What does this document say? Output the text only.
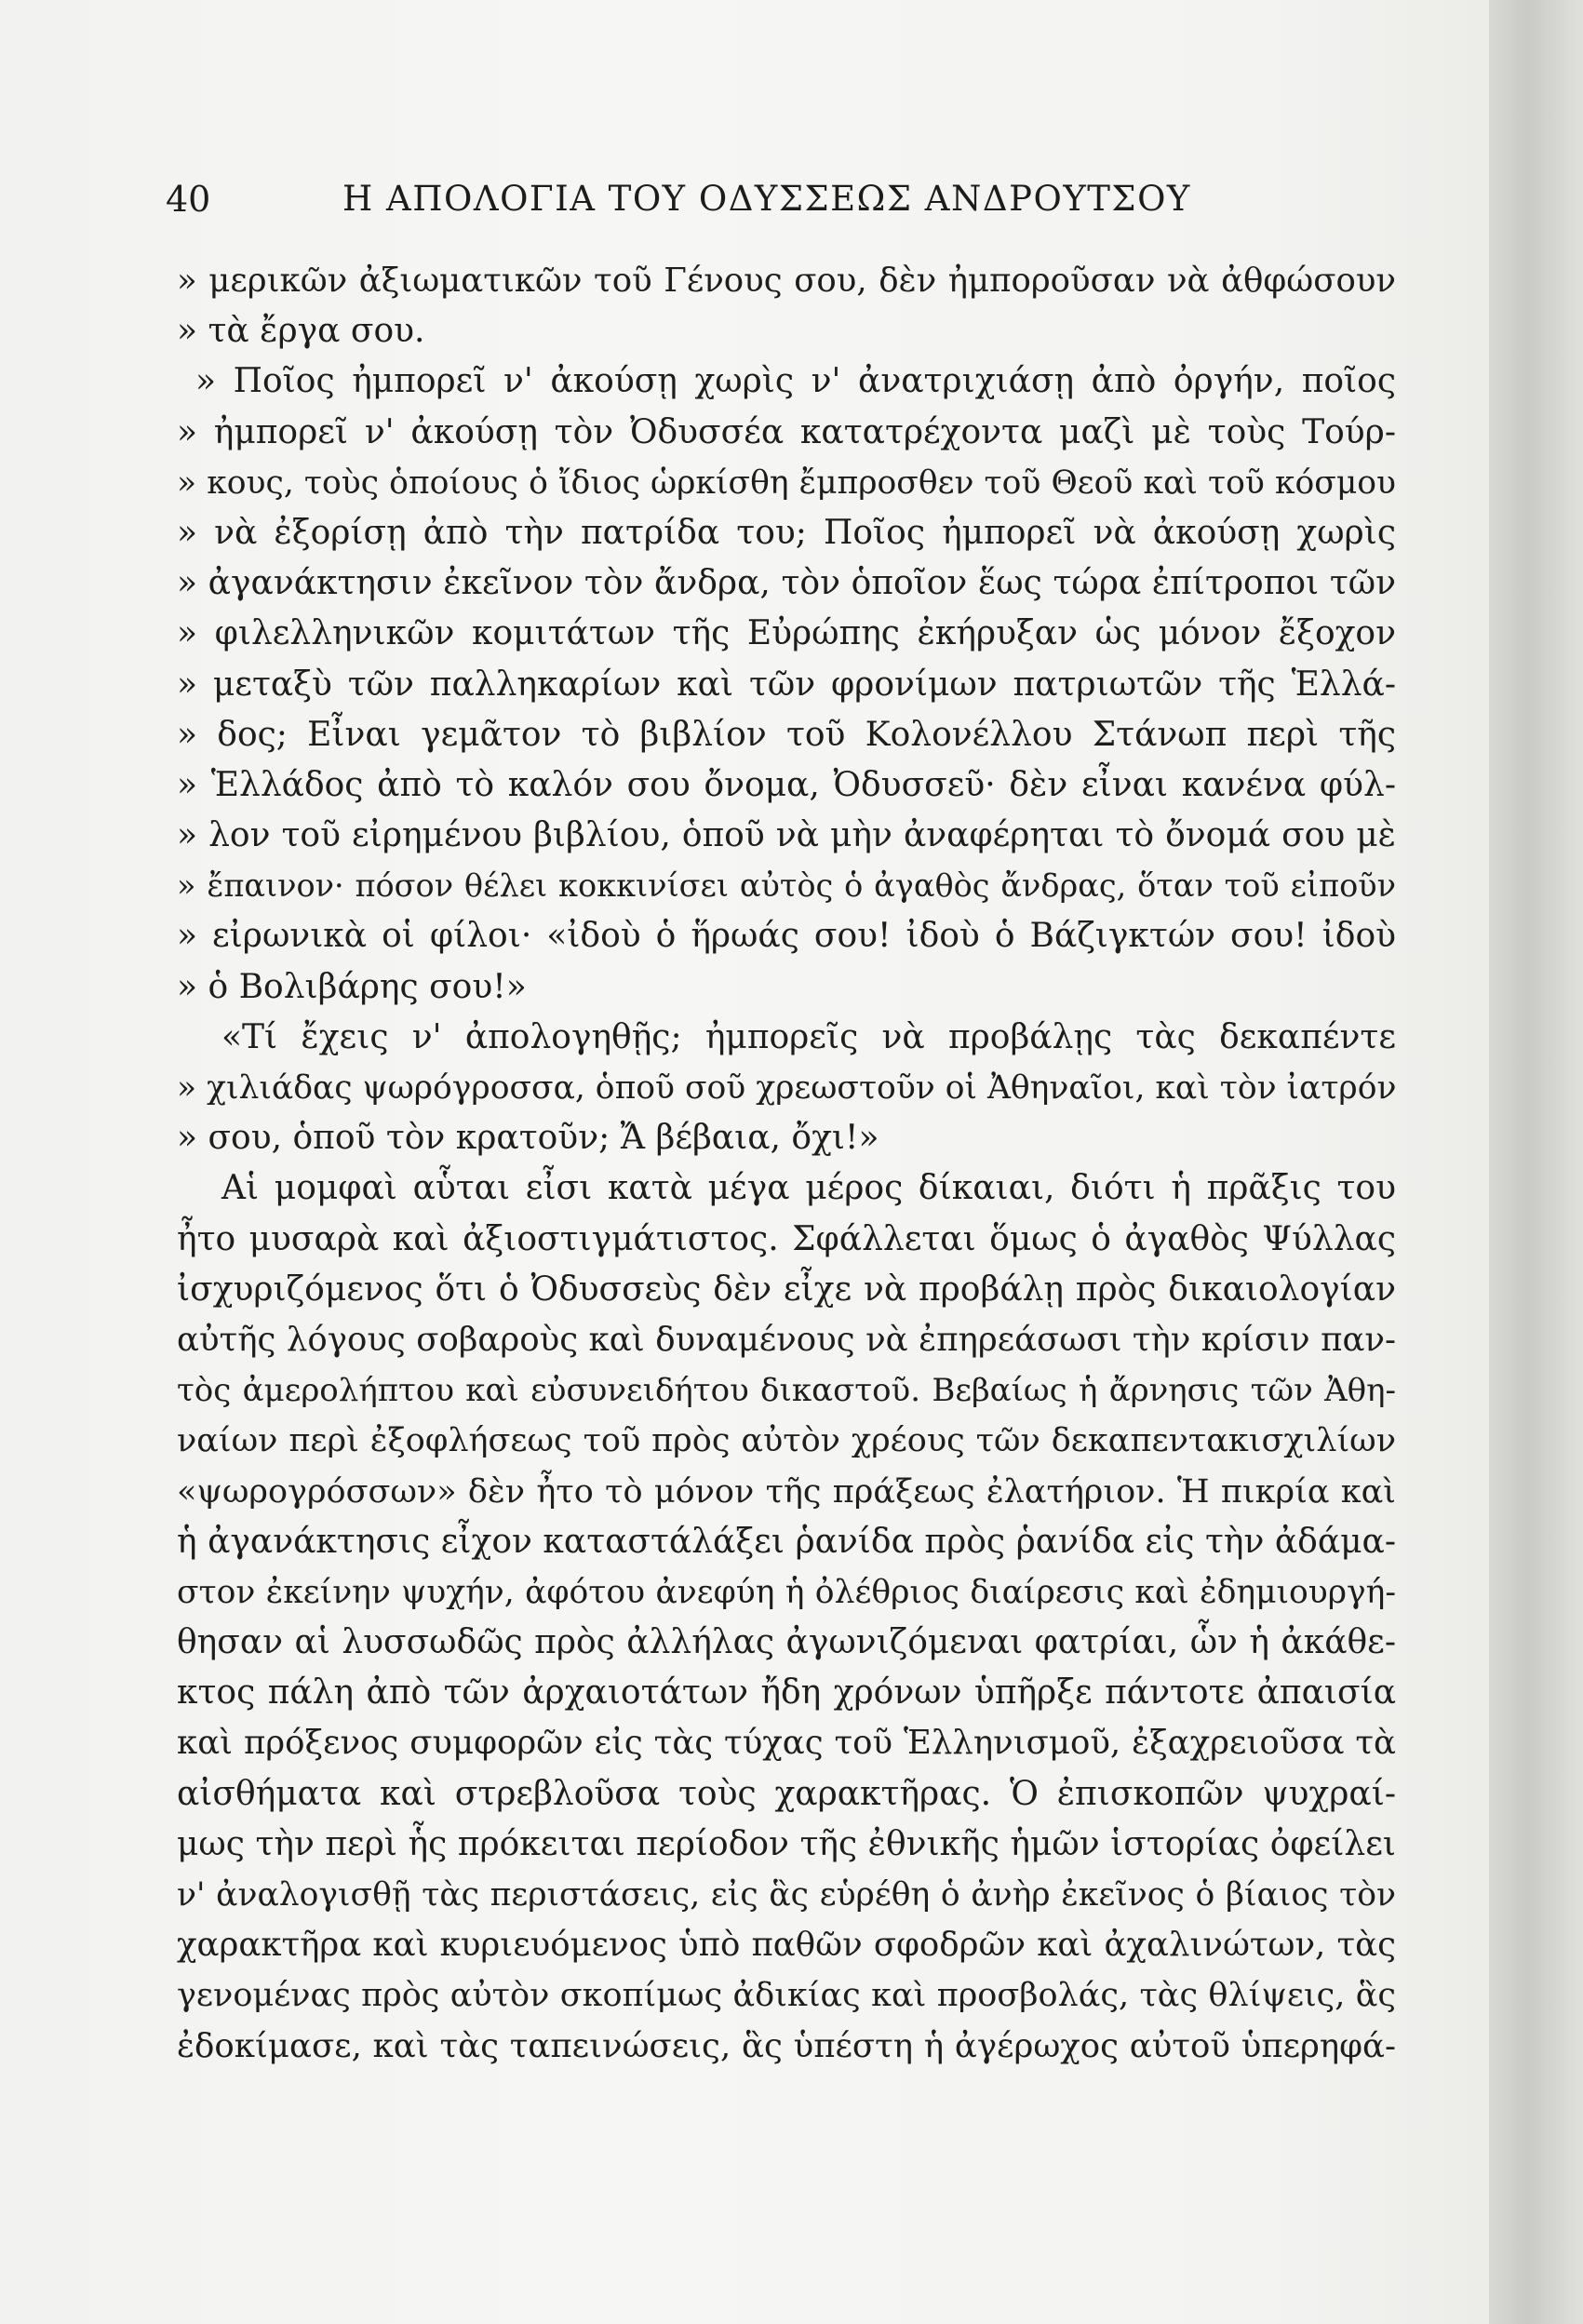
40	Η ΑΠΟΛΟΓΙΑ ΤΟΥ ΟΔΥΣΣΕΩΣ ΑΝΔΡΟΥΤΣΟΥ
» μερικῶν ἀξιωματικῶν τοῦ Γένους σου, δὲν ἠμποροῦσαν νὰ ἀθφώσουν
» τὰ ἔργα σου.
» Ποῖος ἠμπορεῖ ν' ἀκούσῃ χωρὶς ν' ἀνατριχιάσῃ ἀπὸ ὀργήν, ποῖος
» ἠμπορεῖ ν' ἀκούσῃ τὸν Ὀδυσσέα κατατρέχοντα μαζὶ μὲ τοὺς Τούρ-
» κους, τοὺς ὁποίους ὁ ἴδιος ὡρκίσθη ἔμπροσθεν τοῦ Θεοῦ καὶ τοῦ κόσμου
» νὰ ἐξορίσῃ ἀπὸ τὴν πατρίδα του; Ποῖος ἠμπορεῖ νὰ ἀκούσῃ χωρὶς
» ἀγανάκτησιν ἐκεῖνον τὸν ἄνδρα, τὸν ὁποῖον ἕως τώρα ἐπίτροποι τῶν
» φιλελληνικῶν κομιτάτων τῆς Εὐρώπης ἐκήρυξαν ὡς μόνον ἔξοχον
» μεταξὺ τῶν παλληκαρίων καὶ τῶν φρονίμων πατριωτῶν τῆς Ἑλλά-
» δος; Εἶναι γεμᾶτον τὸ βιβλίον τοῦ Κολονέλλου Στάνωπ περὶ τῆς
» Ἑλλάδος ἀπὸ τὸ καλόν σου ὄνομα, Ὀδυσσεῦ· δὲν εἶναι κανένα φύλ-
» λον τοῦ εἰρημένου βιβλίου, ὁποῦ νὰ μὴν ἀναφέρηται τὸ ὄνομά σου μὲ
» ἔπαινον· πόσον θέλει κοκκινίσει αὐτὸς ὁ ἀγαθὸς ἄνδρας, ὅταν τοῦ εἰποῦν
» εἰρωνικὰ οἱ φίλοι· «ἰδοὺ ὁ ἥρωάς σου! ἰδοὺ ὁ Βάζιγκτών σου! ἰδοὺ
» ὁ Βολιβάρης σου!»
«Τί ἔχεις ν' ἀπολογηθῇς; ἠμπορεῖς νὰ προβάλῃς τὰς δεκαπέντε
» χιλιάδας ψωρόγροσσα, ὁποῦ σοῦ χρεωστοῦν οἱ Ἀθηναῖοι, καὶ τὸν ἰατρόν
» σου, ὁποῦ τὸν κρατοῦν; Ἄ βέβαια, ὄχι!»
Αἱ μομφαὶ αὗται εἶσι κατὰ μέγα μέρος δίκαιαι, διότι ἡ πρᾶξις του
ἦτο μυσαρὰ καὶ ἀξιοστιγμάτιστος. Σφάλλεται ὅμως ὁ ἀγαθὸς Ψύλλας
ἰσχυριζόμενος ὅτι ὁ Ὀδυσσεὺς δὲν εἶχε νὰ προβάλῃ πρὸς δικαιολογίαν
αὐτῆς λόγους σοβαροὺς καὶ δυναμένους νὰ ἐπηρεάσωσι τὴν κρίσιν παν-
τὸς ἀμερολήπτου καὶ εὐσυνειδήτου δικαστοῦ. Βεβαίως ἡ ἄρνησις τῶν Ἀθη-
ναίων περὶ ἐξοφλήσεως τοῦ πρὸς αὐτὸν χρέους τῶν δεκαπεντακισχιλίων
«ψωρογρόσσων» δὲν ἦτο τὸ μόνον τῆς πράξεως ἐλατήριον. Ἡ πικρία καὶ
ἡ ἀγανάκτησις εἶχον καταστάλάξει ῥανίδα πρὸς ῥανίδα εἰς τὴν ἀδάμα-
στον ἐκείνην ψυχήν, ἀφότου ἀνεφύη ἡ ὀλέθριος διαίρεσις καὶ ἐδημιουργή-
θησαν αἱ λυσσωδῶς πρὸς ἀλλήλας ἀγωνιζόμεναι φατρίαι, ὧν ἡ ἀκάθε-
κτος πάλη ἀπὸ τῶν ἀρχαιοτάτων ἤδη χρόνων ὑπῆρξε πάντοτε ἀπαισία
καὶ πρόξενος συμφορῶν εἰς τὰς τύχας τοῦ Ἑλληνισμοῦ, ἐξαχρειοῦσα τὰ
αἰσθήματα καὶ στρεβλοῦσα τοὺς χαρακτῆρας. Ὁ ἐπισκοπῶν ψυχραί-
μως τὴν περὶ ἧς πρόκειται περίοδον τῆς ἐθνικῆς ἡμῶν ἱστορίας ὀφείλει
ν' ἀναλογισθῇ τὰς περιστάσεις, εἰς ἃς εὑρέθη ὁ ἀνὴρ ἐκεῖνος ὁ βίαιος τὸν
χαρακτῆρα καὶ κυριευόμενος ὑπὸ παθῶν σφοδρῶν καὶ ἀχαλινώτων, τὰς
γενομένας πρὸς αὐτὸν σκοπίμως ἀδικίας καὶ προσβολάς, τὰς θλίψεις, ἃς
ἐδοκίμασε, καὶ τὰς ταπεινώσεις, ἃς ὑπέστη ἡ ἀγέρωχος αὐτοῦ ὑπερηφά-
